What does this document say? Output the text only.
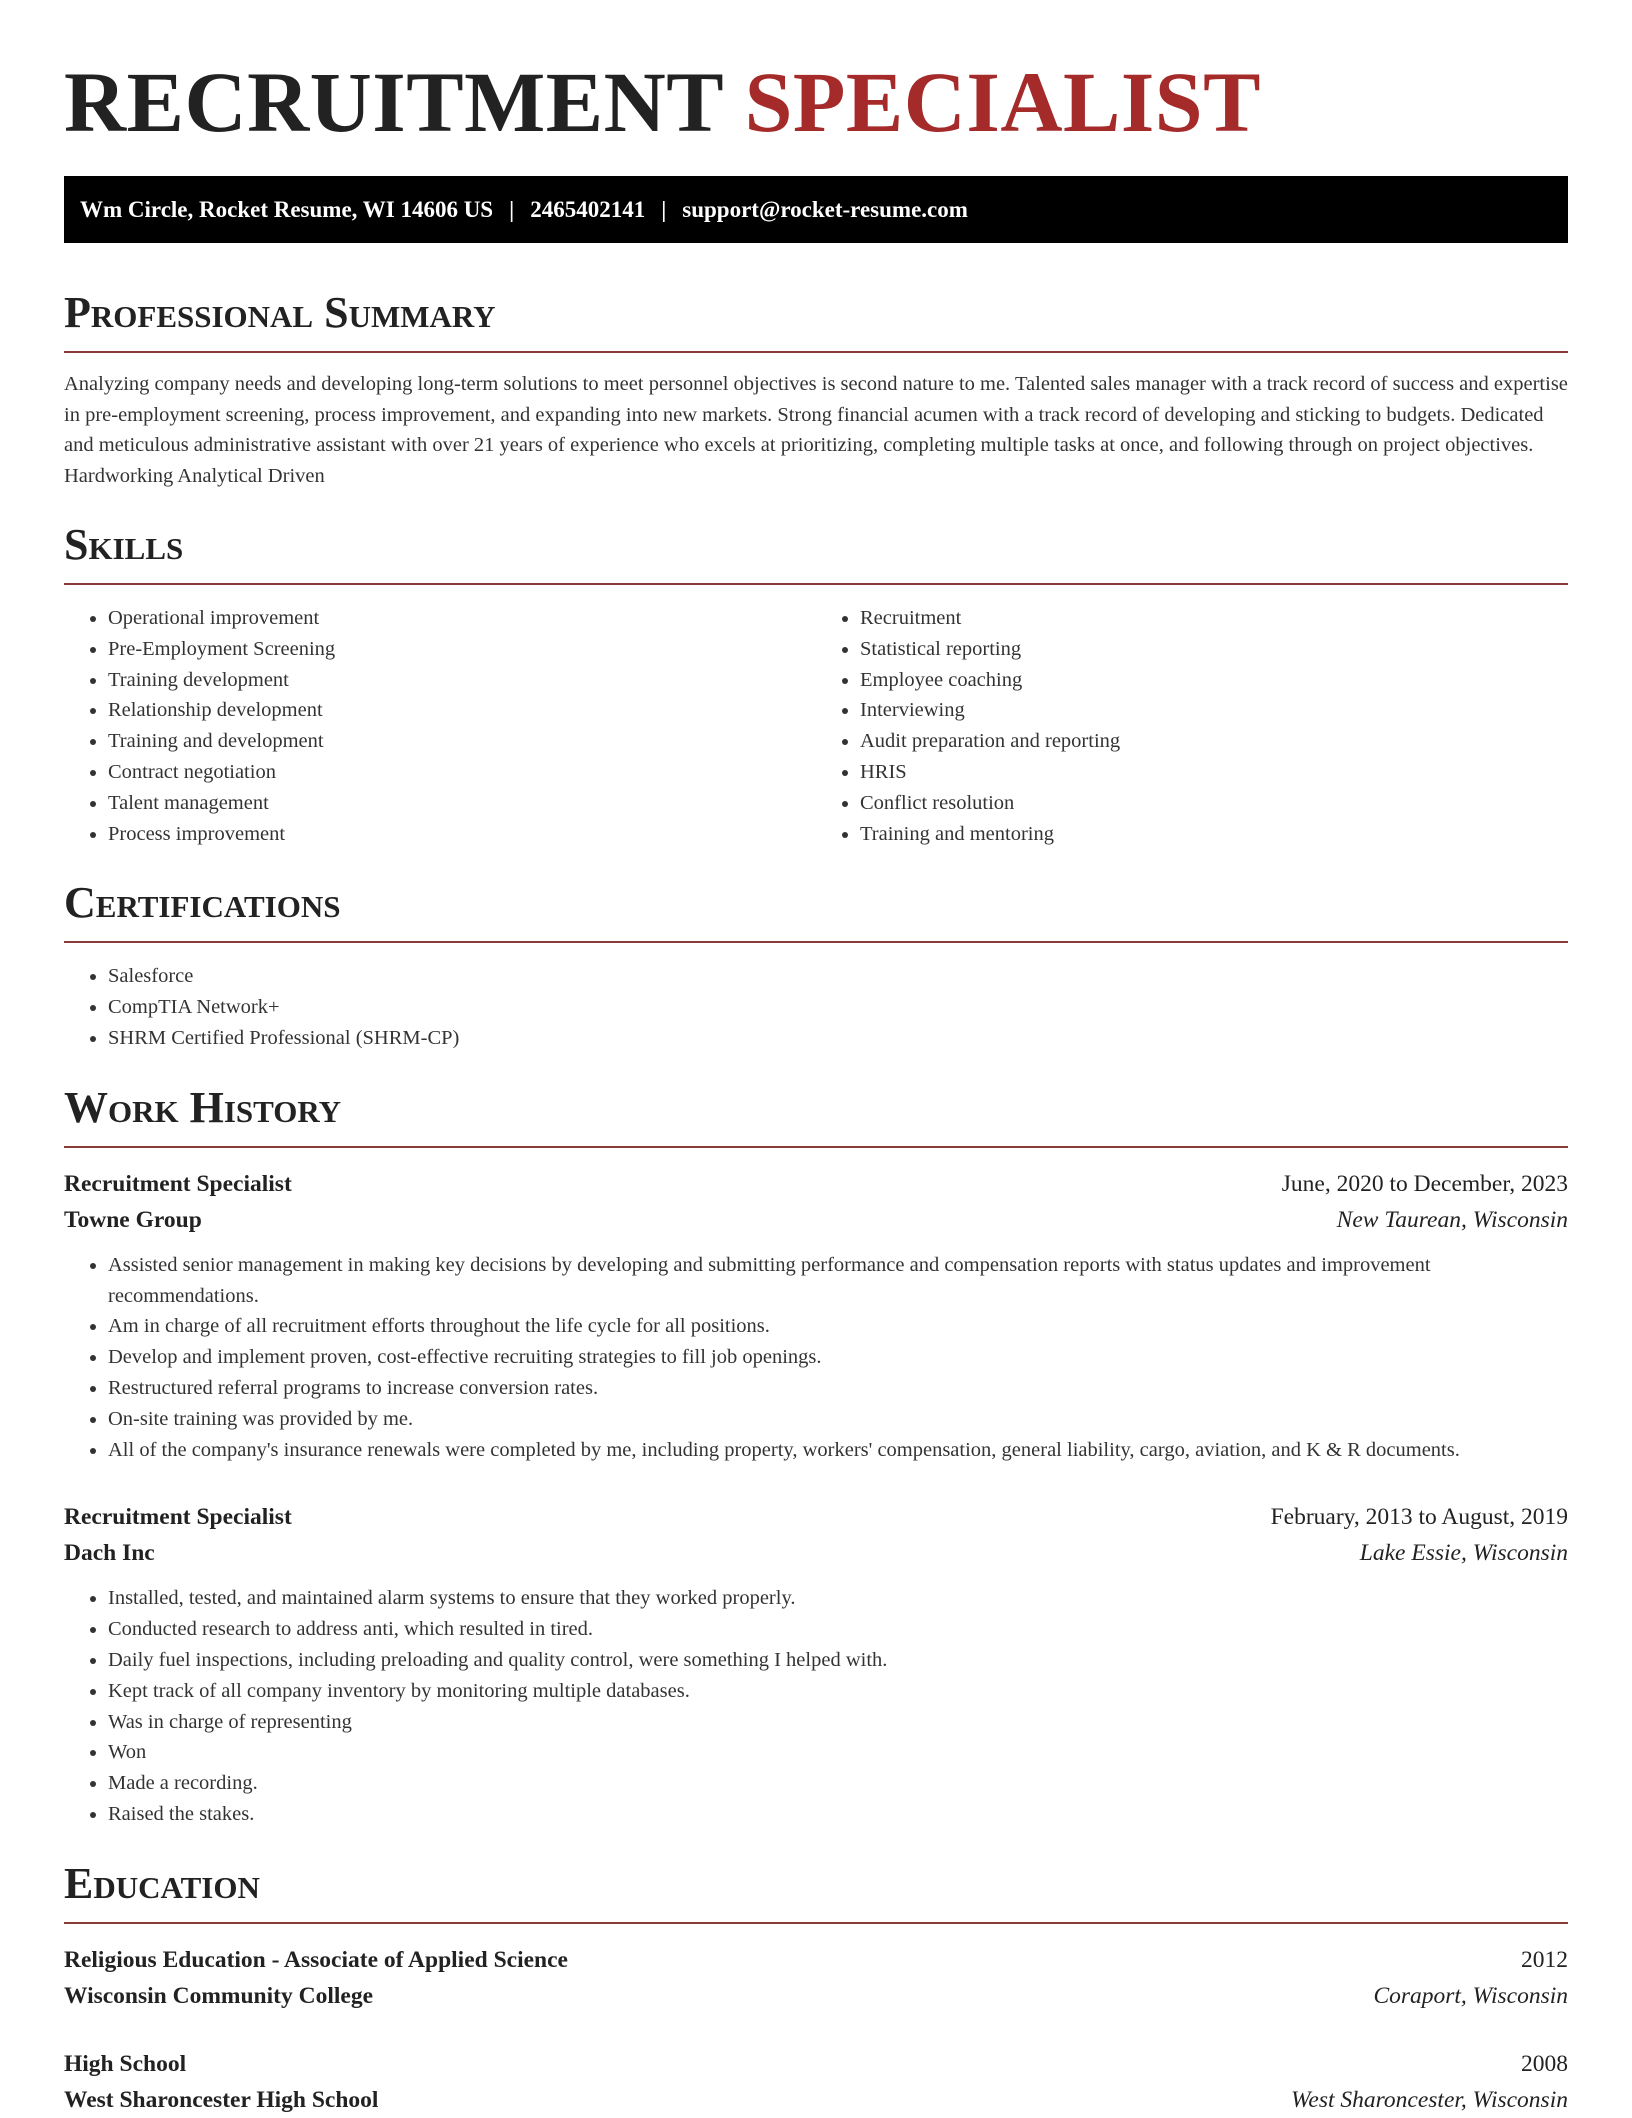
RECRUITMENT SPECIALIST
Wm Circle, Rocket Resume, WI 14606 US | 2465402141 | support@rocket-resume.com
Professional Summary

Analyzing company needs and developing long-term solutions to meet personnel objectives is second nature to me. Talented sales manager with a track record of success and expertise in pre-employment screening, process improvement, and expanding into new markets. Strong financial acumen with a track record of developing and sticking to budgets. Dedicated and meticulous administrative assistant with over 21 years of experience who excels at prioritizing, completing multiple tasks at once, and following through on project objectives. Hardworking Analytical Driven

Skills
• Operational improvement
• Pre-Employment Screening
• Training development
• Relationship development
• Training and development
• Contract negotiation
• Talent management
• Process improvement
• Recruitment
• Statistical reporting
• Employee coaching
• Interviewing
• Audit preparation and reporting
• HRIS
• Conflict resolution
• Training and mentoring
Certifications
• Salesforce
• CompTIA Network+
• SHRM Certified Professional (SHRM-CP)
Work History
Recruitment Specialist	June, 2020 to December, 2023
Towne Group	New Taurean, Wisconsin
• Assisted senior management in making key decisions by developing and submitting performance and compensation reports with status updates and improvement recommendations.
• Am in charge of all recruitment efforts throughout the life cycle for all positions.
• Develop and implement proven, cost-effective recruiting strategies to fill job openings.
• Restructured referral programs to increase conversion rates.
• On-site training was provided by me.
• All of the company's insurance renewals were completed by me, including property, workers' compensation, general liability, cargo, aviation, and K & R documents.
Recruitment Specialist	February, 2013 to August, 2019
Dach Inc	Lake Essie, Wisconsin
• Installed, tested, and maintained alarm systems to ensure that they worked properly.
• Conducted research to address anti, which resulted in tired.
• Daily fuel inspections, including preloading and quality control, were something I helped with.
• Kept track of all company inventory by monitoring multiple databases.
• Was in charge of representing
• Won
• Made a recording.
• Raised the stakes.
Education
Religious Education - Associate of Applied Science	2012
Wisconsin Community College	Coraport, Wisconsin
High School	2008
West Sharoncester High School	West Sharoncester, Wisconsin
